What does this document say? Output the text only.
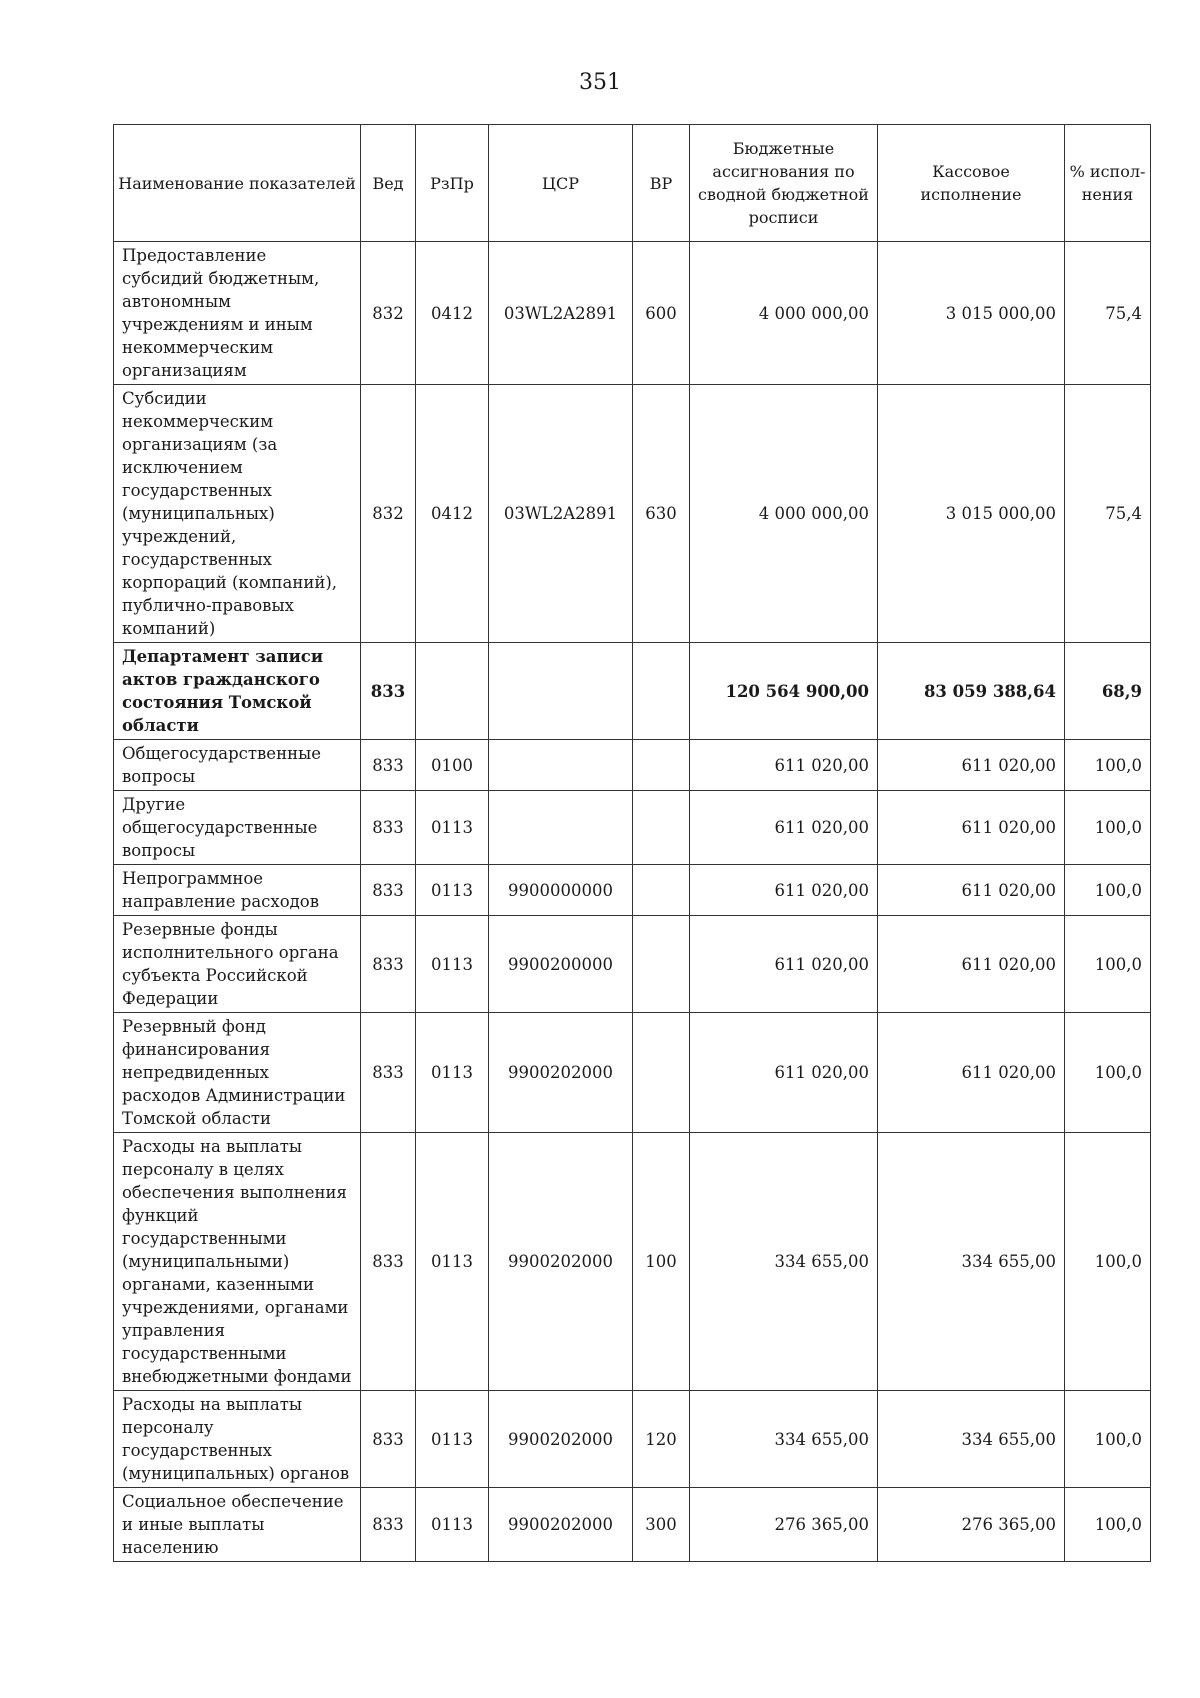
351
Наименование показателей	Вед	РзПр	ЦСР	ВР	Бюджетные ассигнования по сводной бюджетной росписи	Кассовое исполнение	% испол- нения
Предоставление субсидий бюджетным, автономным учреждениям и иным некоммерческим организациям	832	0412	03WL2A2891	600	4 000 000,00	3 015 000,00	75,4
Субсидии некоммерческим организациям (за исключением государственных (муниципальных) учреждений, государственных корпораций (компаний), публично-правовых компаний)	832	0412	03WL2A2891	630	4 000 000,00	3 015 000,00	75,4
Департамент записи актов гражданского состояния Томской области	833				120 564 900,00	83 059 388,64	68,9
Общегосударственные вопросы	833	0100			611 020,00	611 020,00	100,0
Другие общегосударственные вопросы	833	0113			611 020,00	611 020,00	100,0
Непрограммное направление расходов	833	0113	9900000000		611 020,00	611 020,00	100,0
Резервные фонды исполнительного органа субъекта Российской Федерации	833	0113	9900200000		611 020,00	611 020,00	100,0
Резервный фонд финансирования непредвиденных расходов Администрации Томской области	833	0113	9900202000		611 020,00	611 020,00	100,0
Расходы на выплаты персоналу в целях обеспечения выполнения функций государственными (муниципальными) органами, казенными учреждениями, органами управления государственными внебюджетными фондами	833	0113	9900202000	100	334 655,00	334 655,00	100,0
Расходы на выплаты персоналу государственных (муниципальных) органов	833	0113	9900202000	120	334 655,00	334 655,00	100,0
Социальное обеспечение и иные выплаты населению	833	0113	9900202000	300	276 365,00	276 365,00	100,0
